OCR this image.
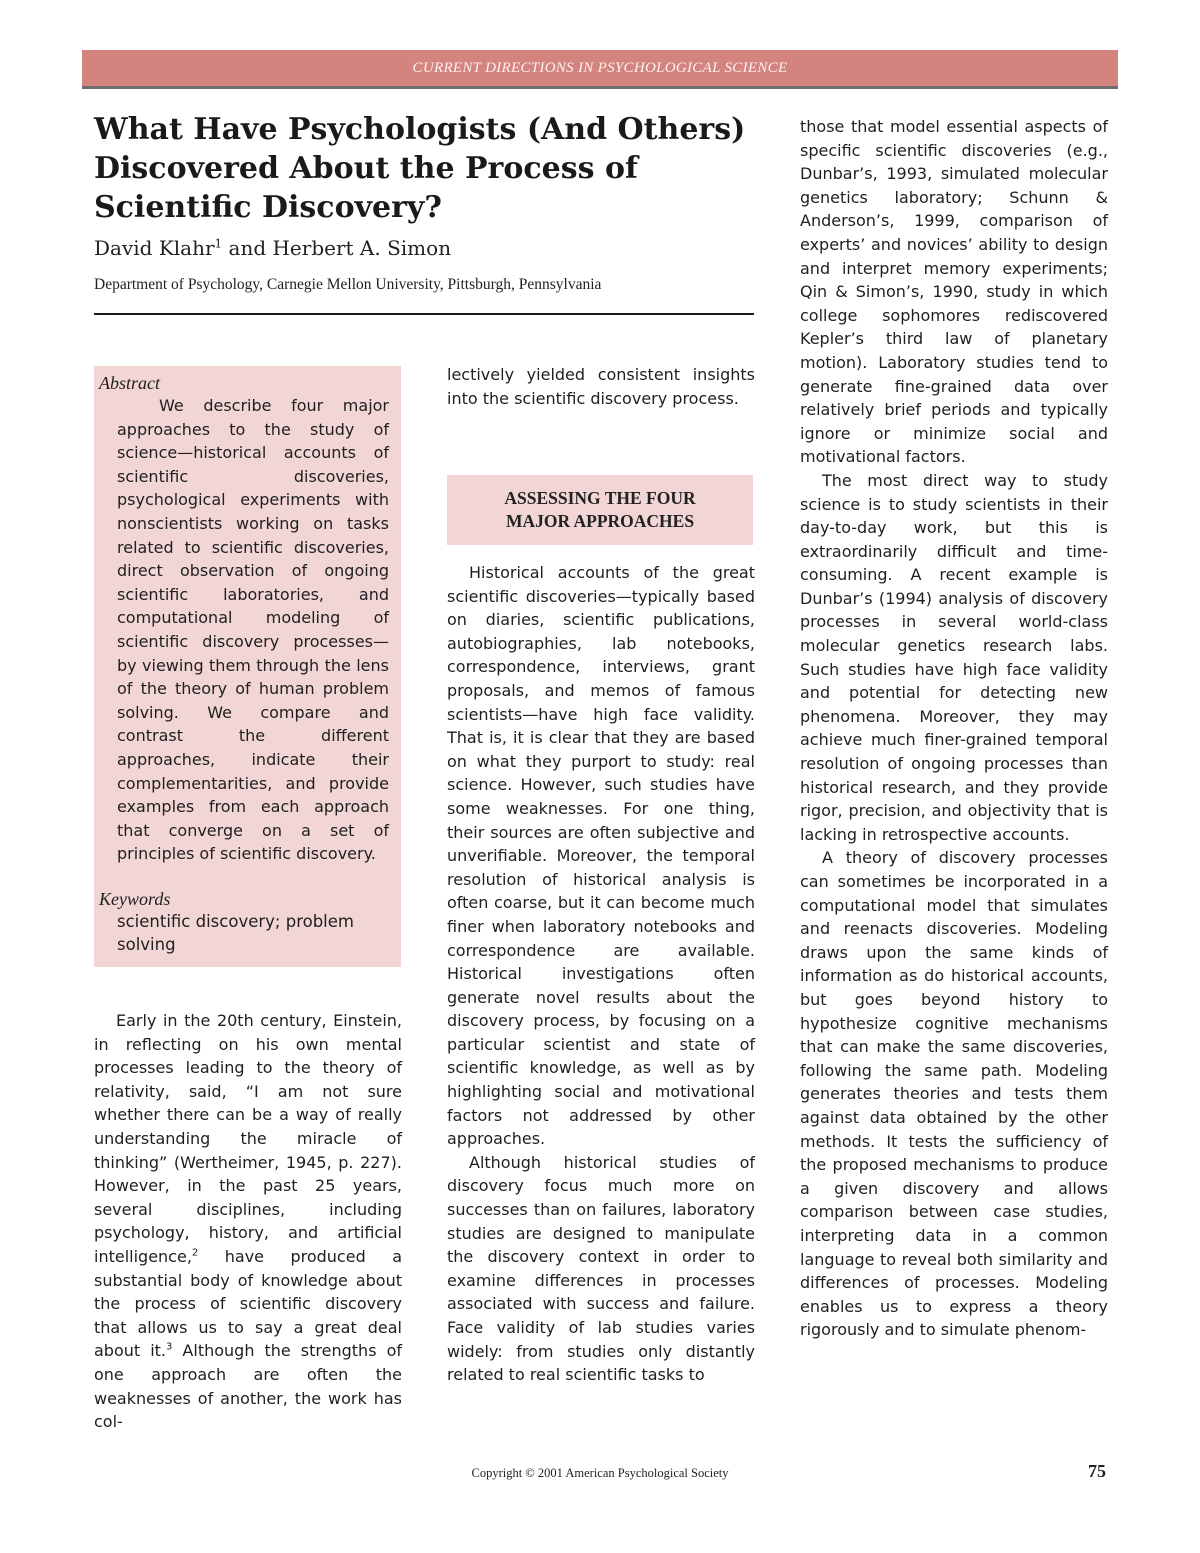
CURRENT DIRECTIONS IN PSYCHOLOGICAL SCIENCE
What Have Psychologists (And Others) Discovered About the Process of Scientific Discovery?
David Klahr$^1$ and Herbert A. Simon
Department of Psychology, Carnegie Mellon University, Pittsburgh, Pennsylvania
Abstract

We describe four major approaches to the study of science—historical accounts of scientific discoveries, psychological experiments with nonscientists working on tasks related to scientific discoveries, direct observation of ongoing scientific laboratories, and computational modeling of scientific discovery processes—by viewing them through the lens of the theory of human problem solving. We compare and contrast the different approaches, indicate their complementarities, and provide examples from each approach that converge on a set of principles of scientific discovery.

Keywords

scientific discovery; problem solving

Early in the 20th century, Einstein, in reflecting on his own mental processes leading to the theory of relativity, said, “I am not sure whether there can be a way of really understanding the miracle of thinking” (Wertheimer, 1945, p. 227). However, in the past 25 years, several disciplines, including psychology, history, and artificial intelligence,$^2$ have produced a substantial body of knowledge about the process of scientific discovery that allows us to say a great deal about it.$^3$ Although the strengths of one approach are often the weaknesses of another, the work has col-

lectively yielded consistent insights into the scientific discovery process.

ASSESSING THE FOUR MAJOR APPROACHES

Historical accounts of the great scientific discoveries—typically based on diaries, scientific publications, autobiographies, lab notebooks, correspondence, interviews, grant proposals, and memos of famous scientists—have high face validity. That is, it is clear that they are based on what they purport to study: real science. However, such studies have some weaknesses. For one thing, their sources are often subjective and unverifiable. Moreover, the temporal resolution of historical analysis is often coarse, but it can become much finer when laboratory notebooks and correspondence are available. Historical investigations often generate novel results about the discovery process, by focusing on a particular scientist and state of scientific knowledge, as well as by highlighting social and motivational factors not addressed by other approaches.

Although historical studies of discovery focus much more on successes than on failures, laboratory studies are designed to manipulate the discovery context in order to examine differences in processes associated with success and failure. Face validity of lab studies varies widely: from studies only distantly related to real scientific tasks to

those that model essential aspects of specific scientific discoveries (e.g., Dunbar’s, 1993, simulated molecular genetics laboratory; Schunn & Anderson’s, 1999, comparison of experts’ and novices’ ability to design and interpret memory experiments; Qin & Simon’s, 1990, study in which college sophomores rediscovered Kepler’s third law of planetary motion). Laboratory studies tend to generate fine-grained data over relatively brief periods and typically ignore or minimize social and motivational factors.

The most direct way to study science is to study scientists in their day-to-day work, but this is extraordinarily difficult and time-consuming. A recent example is Dunbar’s (1994) analysis of discovery processes in several world-class molecular genetics research labs. Such studies have high face validity and potential for detecting new phenomena. Moreover, they may achieve much finer-grained temporal resolution of ongoing processes than historical research, and they provide rigor, precision, and objectivity that is lacking in retrospective accounts.

A theory of discovery processes can sometimes be incorporated in a computational model that simulates and reenacts discoveries. Modeling draws upon the same kinds of information as do historical accounts, but goes beyond history to hypothesize cognitive mechanisms that can make the same discoveries, following the same path. Modeling generates theories and tests them against data obtained by the other methods. It tests the sufficiency of the proposed mechanisms to produce a given discovery and allows comparison between case studies, interpreting data in a common language to reveal both similarity and differences of processes. Modeling enables us to express a theory rigorously and to simulate phenom-

Copyright © 2001 American Psychological Society	75
